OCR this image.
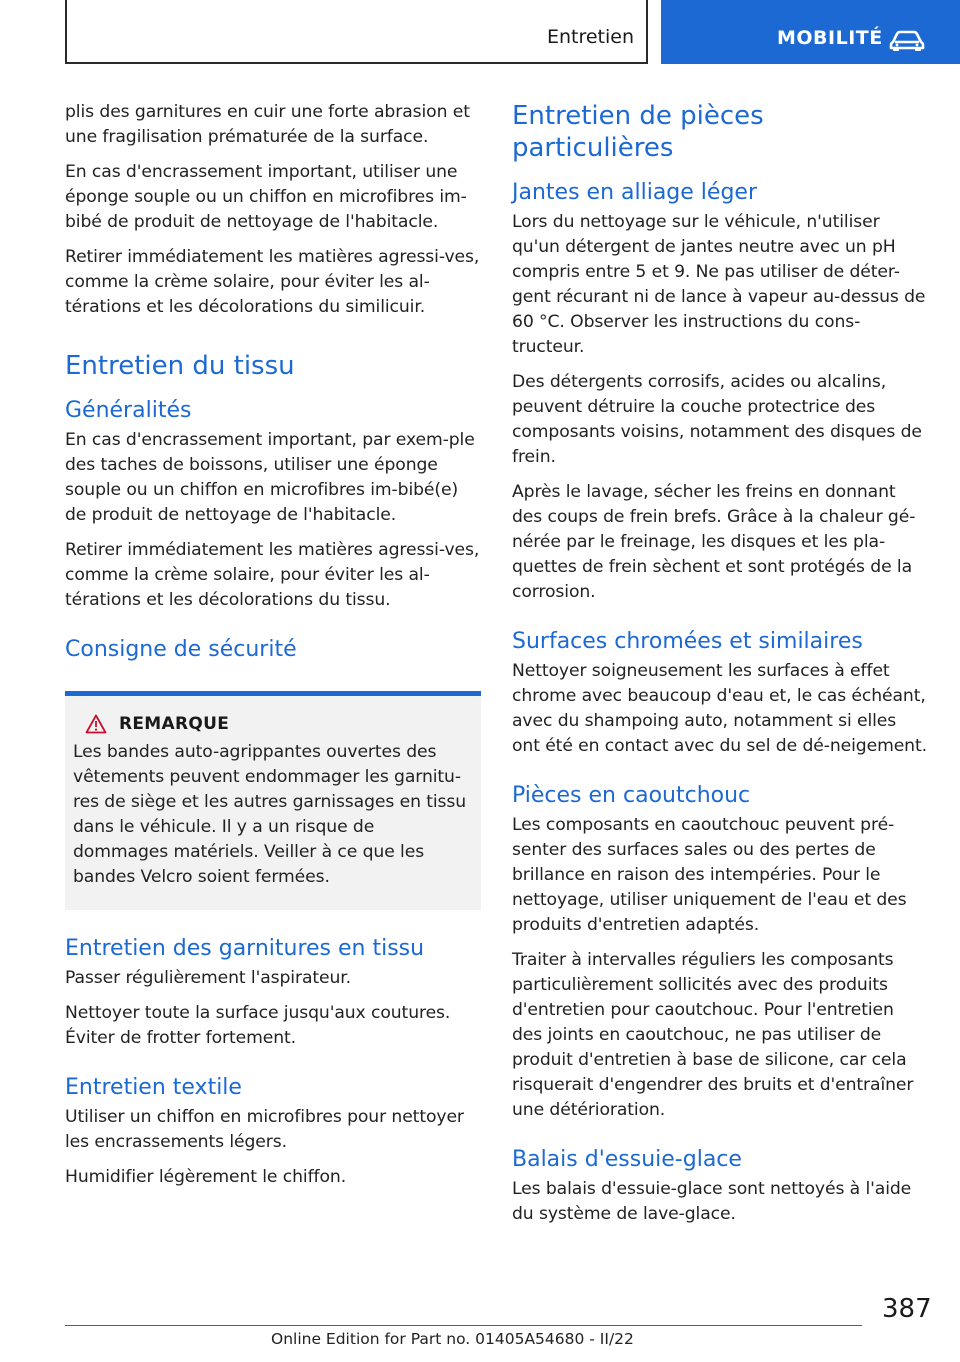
Entretien	MOBILITÉ

plis des garnitures en cuir une forte abrasion et une fragilisation prématurée de la surface.

En cas d'encrassement important, utiliser une éponge souple ou un chiffon en microfibres im-bibé de produit de nettoyage de l'habitacle.

Retirer immédiatement les matières agressi-ves, comme la crème solaire, pour éviter les al-térations et les décolorations du similicuir.

Entretien du tissu
Généralités

En cas d'encrassement important, par exem-ple des taches de boissons, utiliser une éponge souple ou un chiffon en microfibres im-bibé(e) de produit de nettoyage de l'habitacle.

Retirer immédiatement les matières agressi-ves, comme la crème solaire, pour éviter les al-térations et les décolorations du tissu.

Consigne de sécurité
REMARQUE

Les bandes auto-agrippantes ouvertes des vêtements peuvent endommager les garnitu-res de siège et les autres garnissages en tissu dans le véhicule. Il y a un risque de dommages matériels. Veiller à ce que les bandes Velcro soient fermées.

Entretien des garnitures en tissu

Passer régulièrement l'aspirateur.

Nettoyer toute la surface jusqu'aux coutures. Éviter de frotter fortement.

Entretien textile

Utiliser un chiffon en microfibres pour nettoyer les encrassements légers.

Humidifier légèrement le chiffon.

Entretien de pièces particulières
Jantes en alliage léger

Lors du nettoyage sur le véhicule, n'utiliser qu'un détergent de jantes neutre avec un pH compris entre 5 et 9. Ne pas utiliser de déter-gent récurant ni de lance à vapeur au-dessus de 60 °C. Observer les instructions du cons-tructeur.

Des détergents corrosifs, acides ou alcalins, peuvent détruire la couche protectrice des composants voisins, notamment des disques de frein.

Après le lavage, sécher les freins en donnant des coups de frein brefs. Grâce à la chaleur gé-nérée par le freinage, les disques et les pla-quettes de frein sèchent et sont protégés de la corrosion.

Surfaces chromées et similaires

Nettoyer soigneusement les surfaces à effet chrome avec beaucoup d'eau et, le cas échéant, avec du shampoing auto, notamment si elles ont été en contact avec du sel de dé-neigement.

Pièces en caoutchouc

Les composants en caoutchouc peuvent pré-senter des surfaces sales ou des pertes de brillance en raison des intempéries. Pour le nettoyage, utiliser uniquement de l'eau et des produits d'entretien adaptés.

Traiter à intervalles réguliers les composants particulièrement sollicités avec des produits d'entretien pour caoutchouc. Pour l'entretien des joints en caoutchouc, ne pas utiliser de produit d'entretien à base de silicone, car cela risquerait d'engendrer des bruits et d'entraîner une détérioration.

Balais d'essuie-glace

Les balais d'essuie-glace sont nettoyés à l'aide du système de lave-glace.

387
Online Edition for Part no. 01405A54680 - II/22
